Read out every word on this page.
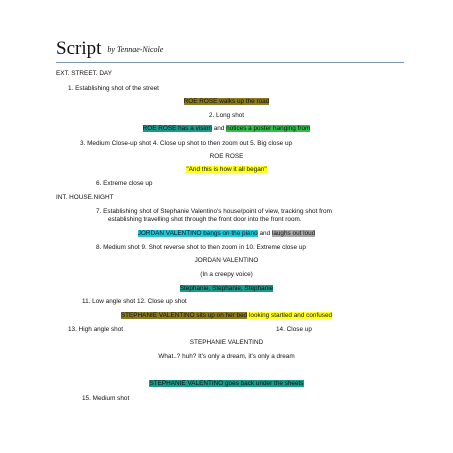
Script by Tennae-Nicole
EXT. STREET. DAY
1. Establishing shot of the street
ROE ROSE walks up the road
2. Long shot
ROE ROSE has a vision and notices a poster hanging from
3. Medium Close-up shot 4. Close up shot to then zoom out 5. Big close up
ROE ROSE
"And this is how it all began"
6. Extreme close up
INT. HOUSE.NIGHT
7. Establishing shot of Stephanie Valentino's house/point of view, tracking shot from
establishing travelling shot through the front door into the front room.
JORDAN VALENTINO bangs on the piano and laughs out loud
8. Medium shot 9. Shot reverse shot to then zoom in 10. Extreme close up
JORDAN VALENTINO
(In a creepy voice)
Stephanie, Stephanie, Stephanie
11. Low angle shot 12. Close up shot
STEPHANIE VALENTINO sits up on her bed looking startled and confused
13. High angle shot	14. Close up
STEPHANIE VALENTIND
What..? huh? It's only a dream, it's only a dream
STEPHANIE VALENTINO goes back under the sheets
15. Medium shot
